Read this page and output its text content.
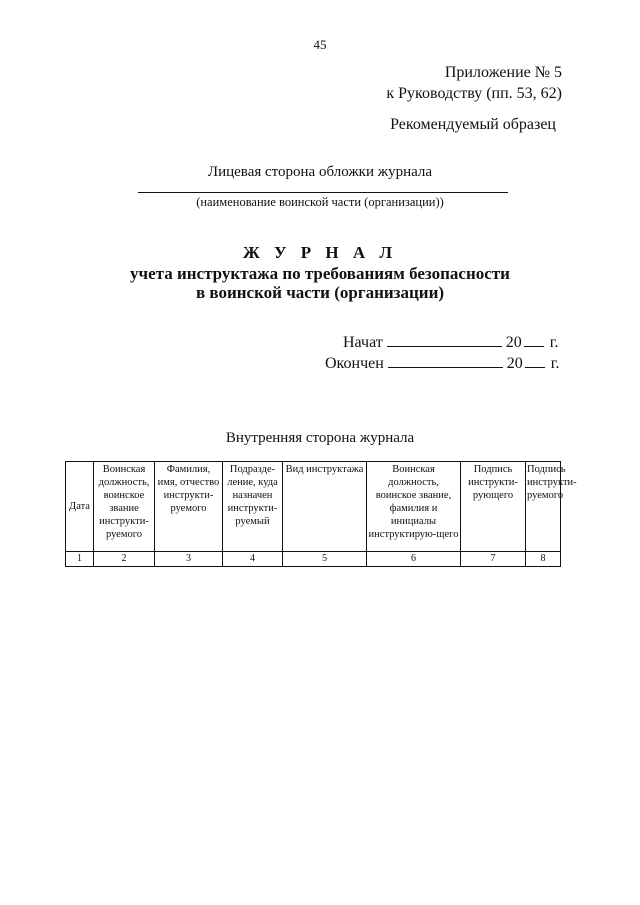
45
Приложение № 5
к Руководству (пп. 53, 62)
Рекомендуемый образец
Лицевая сторона обложки журнала
(наименование воинской части (организации))
Ж У Р Н А Л
учета инструктажа по требованиям безопасности
в воинской части (организации)
Начат	20 г.
Окончен	20 г.
Внутренняя сторона журнала
Дата	Воинская должность, воинское звание инструкти-руемого	Фамилия, имя, отчество инструкти-руемого	Подразде-ление, куда назначен инструкти-руемый	Вид инструктажа	Воинская должность, воинское звание, фамилия и инициалы инструктирую-щего	Подпись инструкти-рующего	Подпись инструкти-руемого
1	2	3	4	5	6	7	8
